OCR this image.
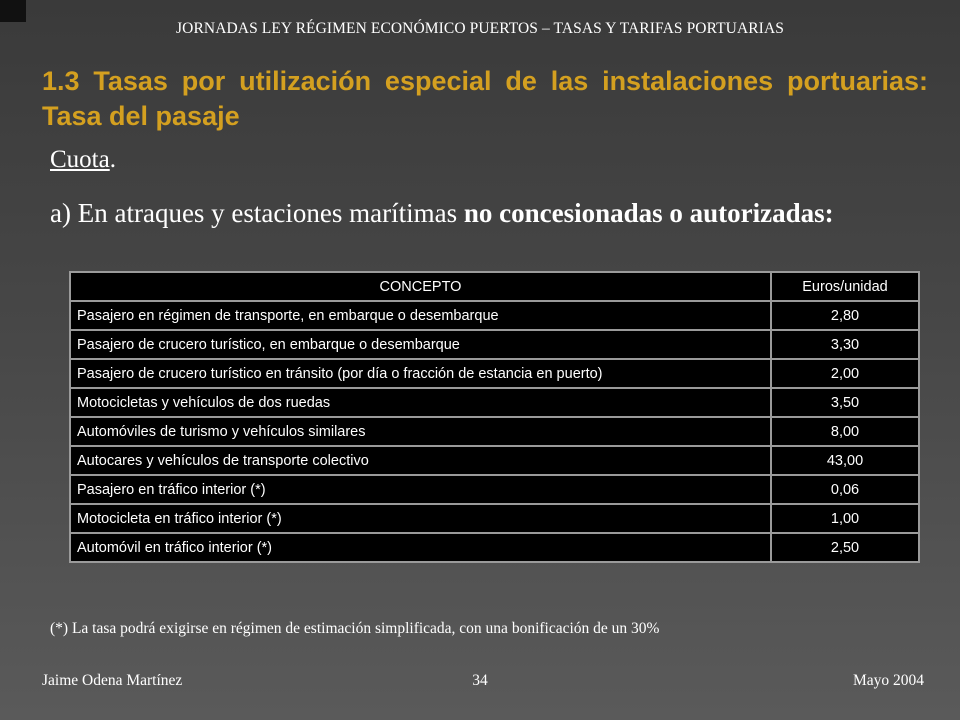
JORNADAS LEY RÉGIMEN ECONÓMICO PUERTOS – TASAS Y TARIFAS PORTUARIAS
1.3 Tasas por utilización especial de las instalaciones portuarias: Tasa del pasaje
Cuota.
a) En atraques y estaciones marítimas no concesionadas o autorizadas:
CONCEPTO	Euros/unidad
Pasajero en régimen de transporte, en embarque o desembarque	2,80
Pasajero de crucero turístico, en embarque o desembarque	3,30
Pasajero de crucero turístico en tránsito (por día o fracción de estancia en puerto)	2,00
Motocicletas y vehículos de dos ruedas	3,50
Automóviles de turismo y vehículos similares	8,00
Autocares y vehículos de transporte colectivo	43,00
Pasajero en tráfico interior (*)	0,06
Motocicleta en tráfico interior (*)	1,00
Automóvil en tráfico interior (*)	2,50
(*) La tasa podrá exigirse en régimen de estimación simplificada, con una bonificación de un 30%
Jaime Odena Martínez	34	Mayo 2004
